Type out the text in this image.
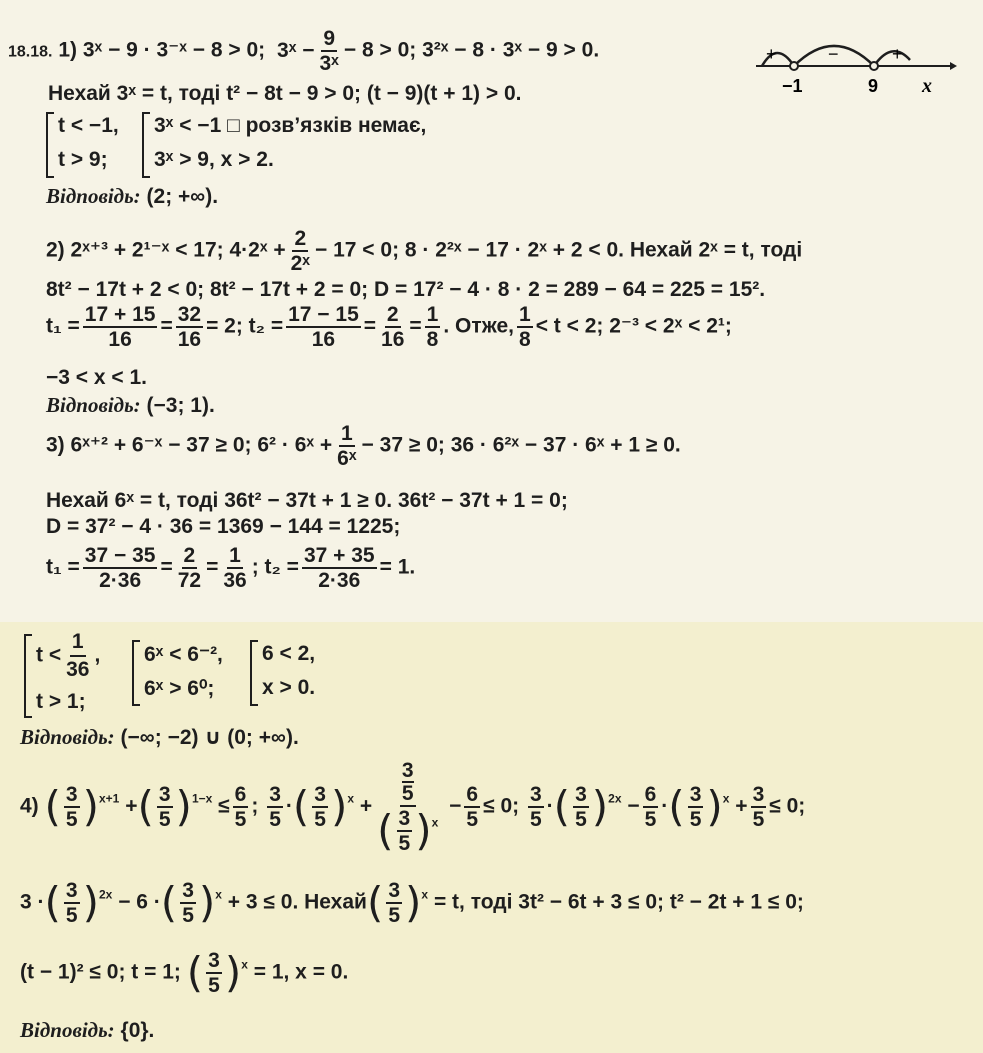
18.18. 1) 3ˣ − 9 · 3⁻ˣ − 8 > 0; 3ˣ − $\frac{9}{\text{3ˣ}} - 8 > 0$; 3²ˣ − 8 · 3ˣ − 9 > 0.	+	−	+
−1	9 x
Нехай 3ˣ = t, тоді t² − 8t − 9 > 0; (t − 9)(t + 1) > 0.
t < −1,
t > 9;
3ˣ < −1 □ розв’язків немає,
3ˣ > 9, x > 2.
Відповідь: (2; +∞).
2) 2ˣ⁺³ + 2¹⁻ˣ < 17; 4·2ˣ + $\frac{2}{\text{2ˣ}} - 17 < 0$; 8 · 2²ˣ − 17 · 2ˣ + 2 < 0. Нехай 2ˣ = t, тоді
8t² − 17t + 2 < 0; 8t² − 17t + 2 = 0; D = 17² − 4 · 8 · 2 = 289 − 64 = 225 = 15².
$t_1 = \frac{17 + 15}{16} = \frac{32}{16} = 2$; $t_2 = \frac{17 - 15}{16} = \frac{2}{16} = \frac{1}{8}$ . Отже, $\frac{1}{8} < t < 2$; 2⁻³ < 2ˣ < 2¹;
−3 < x < 1.
Відповідь: (−3; 1).
3) 6ˣ⁺² + 6⁻ˣ − 37 ≥ 0; 6² · 6ˣ + $\frac{1}{\text{6ˣ}} - 37 \ge 0$; 36 · 6²ˣ − 37 · 6ˣ + 1 ≥ 0.
Нехай 6ˣ = t, тоді 36t² − 37t + 1 ≥ 0. 36t² − 37t + 1 = 0;
D = 37² − 4 · 36 = 1369 − 144 = 1225;
$t_1 = \frac{37 - 35}{2\cdot 36} = \frac{2}{72} = \frac{1}{36}$ ; $t_2 = \frac{37 + 35}{2\cdot 36} = 1$.
$t < \frac{1}{36}$ ,
t > 1;
6ˣ < 6⁻²,
6ˣ > 6⁰;
6 < 2,
x > 0.
Відповідь: (−∞; −2) ∪ (0; +∞).
4) ( $\frac{3}{5} )^{x+1}$ +( $\frac{3}{5} )^{1-x} \le \frac{6}{5}$ ; $\frac{3}{5}$ ·( $\frac{3}{5} )^x + 3$
5
( $\frac{3}{5} )^x - \frac{6}{5} \le 0$; $\frac{3}{5}$ ·( $\frac{3}{5} )^{2x} - \frac{6}{5}$ ·( $\frac{3}{5} )^x + \frac{3}{5} \le 0$;
3 ·( $\frac{3}{5} )^{2x} - 6$ ·( $\frac{3}{5} )^x + 3 \le 0$. Нехай( $\frac{3}{5} )^x = t$, тоді 3t² − 6t + 3 ≤ 0; t² − 2t + 1 ≤ 0;
(t − 1)² ≤ 0; t = 1; ( $\frac{3}{5} )^x = 1$, x = 0.
Відповідь: {0}.
